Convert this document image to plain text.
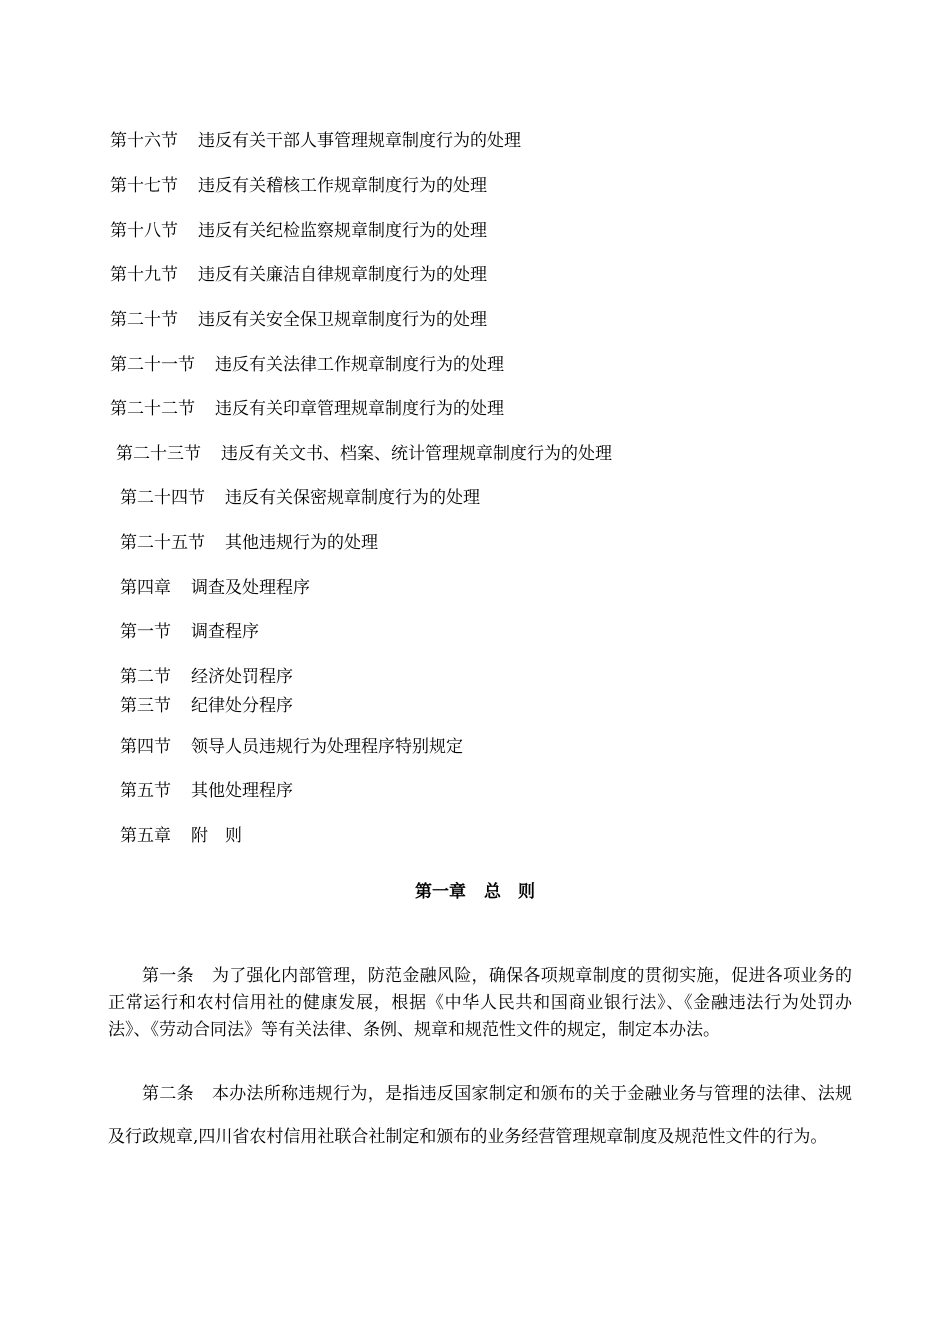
第十六节 违反有关干部人事管理规章制度行为的处理
第十七节 违反有关稽核工作规章制度行为的处理
第十八节 违反有关纪检监察规章制度行为的处理
第十九节 违反有关廉洁自律规章制度行为的处理
第二十节 违反有关安全保卫规章制度行为的处理
第二十一节 违反有关法律工作规章制度行为的处理
第二十二节 违反有关印章管理规章制度行为的处理
第二十三节 违反有关文书、档案、统计管理规章制度行为的处理
第二十四节 违反有关保密规章制度行为的处理
第二十五节 其他违规行为的处理
第四章 调查及处理程序
第一节 调查程序
第二节 经济处罚程序
第三节 纪律处分程序
第四节 领导人员违规行为处理程序特别规定
第五节 其他处理程序
第五章 附　则
第一章 总　则

第一条 为了强化内部管理，防范金融风险，确保各项规章制度的贯彻实施，促进各项业务的正常运行和农村信用社的健康发展，根据《中华人民共和国商业银行法》、《金融违法行为处罚办法》、《劳动合同法》等有关法律、条例、规章和规范性文件的规定，制定本办法。

第二条 本办法所称违规行为，是指违反国家制定和颁布的关于金融业务与管理的法律、法规及行政规章,四川省农村信用社联合社制定和颁布的业务经营管理规章制度及规范性文件的行为。
